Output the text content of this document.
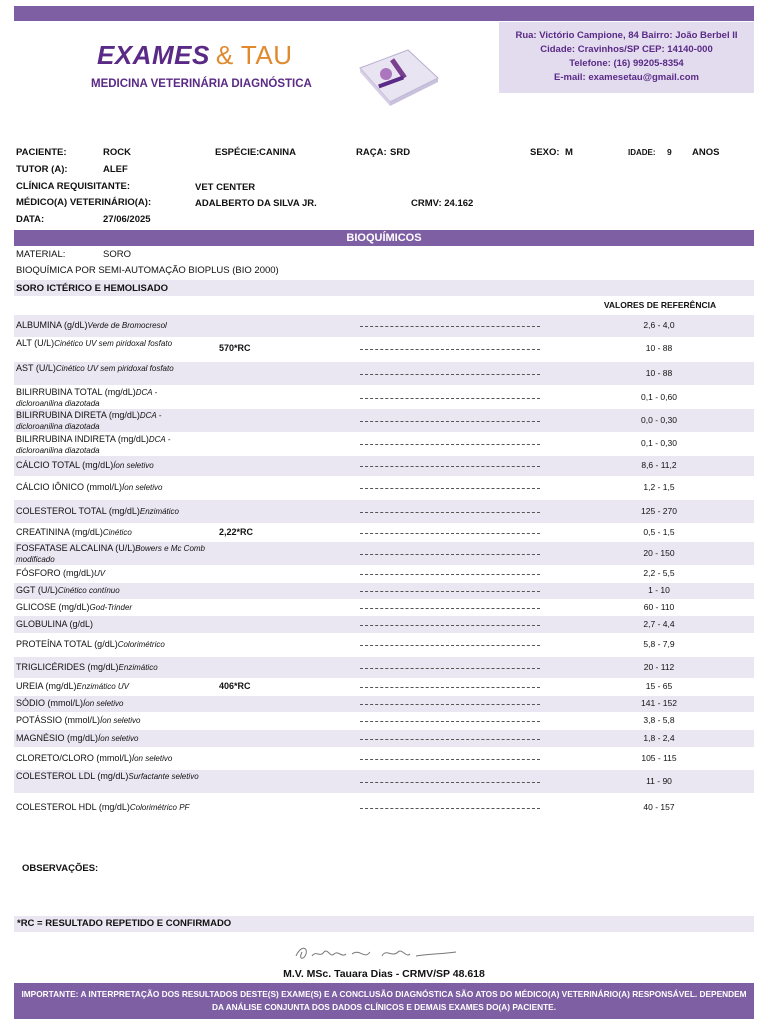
EXAMES & TAU
MEDICINA VETERINÁRIA DIAGNÓSTICA
Rua: Victório Campione, 84 Bairro: João Berbel II
Cidade: Cravinhos/SP CEP: 14140-000
Telefone: (16) 99205-8354
E-mail: examesetau@gmail.com
PACIENTE:	ROCK	ESPÉCIE: CANINA	RAÇA: SRD	SEXO: M	IDADE: 9 ANOS
TUTOR (A):	ALEF
CLÍNICA REQUISITANTE:	VET CENTER
MÉDICO(A) VETERINÁRIO(A):	ADALBERTO DA SILVA JR.	CRMV: 24.162
DATA:	27/06/2025
BIOQUÍMICOS
MATERIAL:	SORO
BIOQUÍMICA POR SEMI-AUTOMAÇÃO BIOPLUS (BIO 2000)
SORO ICTÉRICO E HEMOLISADO
VALORES DE REFERÊNCIA
ALBUMINA (g/dL)Verde de Bromocresol	2,6 - 4,0
ALT (U/L)Cinético UV sem piridoxal fosfato	570*RC	10 - 88
AST (U/L)Cinético UV sem piridoxal fosfato	10 - 88
BILIRRUBINA TOTAL (mg/dL)DCA - dicloroanilina diazotada
0,1 - 0,60
BILIRRUBINA DIRETA (mg/dL)DCA - dicloroanilina diazotada
0,0 - 0,30
BILIRRUBINA INDIRETA (mg/dL)DCA - dicloroanilina diazotada
0,1 - 0,30
CÁLCIO TOTAL (mg/dL)Íon seletivo	8,6 - 11,2
CÁLCIO IÔNICO (mmol/L)Íon seletivo	1,2 - 1,5
COLESTEROL TOTAL (mg/dL)Enzimático	125 - 270
CREATININA (mg/dL)Cinético	2,22*RC	0,5 - 1,5
FOSFATASE ALCALINA (U/L)Bowers e Mc Comb modificado
20 - 150
FÓSFORO (mg/dL)UV	2,2 - 5,5
GGT (U/L)Cinético contínuo	1 - 10
GLICOSE (mg/dL)God-Trinder	60 - 110
GLOBULINA (g/dL)	2,7 - 4,4
PROTEÍNA TOTAL (g/dL)Colorimétrico	5,8 - 7,9
TRIGLICÉRIDES (mg/dL)Enzimático	20 - 112
UREIA (mg/dL)Enzimático UV	406*RC	15 - 65
SÓDIO (mmol/L)Íon seletivo	141 - 152
POTÁSSIO (mmol/L)Íon seletivo	3,8 - 5,8
MAGNÉSIO (mg/dL)Íon seletivo	1,8 - 2,4
CLORETO/CLORO (mmol/L)Íon seletivo	105 - 115
COLESTEROL LDL (mg/dL)Surfactante seletivo	11 - 90
COLESTEROL HDL (mg/dL)Colorimétrico PF	40 - 157
OBSERVAÇÕES:
*RC = RESULTADO REPETIDO E CONFIRMADO
M.V. MSc. Tauara Dias - CRMV/SP 48.618
IMPORTANTE: A INTERPRETAÇÃO DOS RESULTADOS DESTE(S) EXAME(S) E A CONCLUSÃO DIAGNÓSTICA SÃO ATOS DO MÉDICO(A) VETERINÁRIO(A) RESPONSÁVEL. DEPENDEM DA ANÁLISE CONJUNTA DOS DADOS CLÍNICOS E DEMAIS EXAMES DO(A) PACIENTE.
